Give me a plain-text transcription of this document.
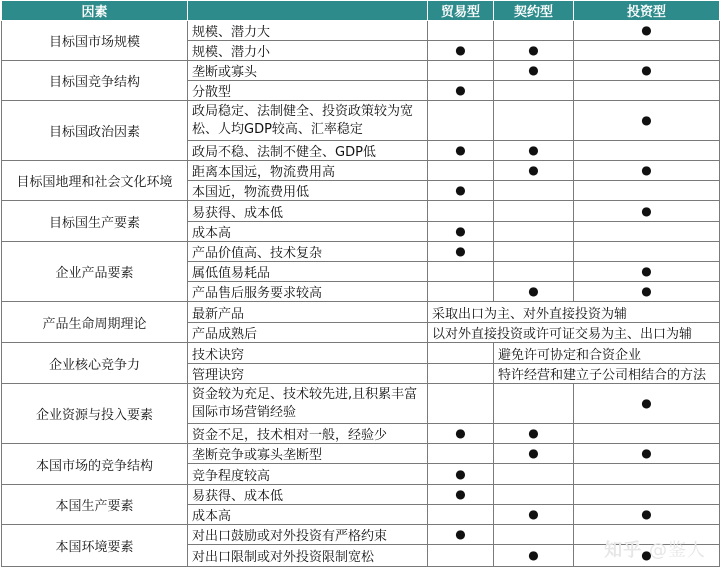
因素		贸易型	契约型	投资型
目标国市场规模	规模、潜力大			●
	规模、潜力小	●	●	
目标国竞争结构	垄断或寡头		●	●
	分散型	●		
目标国政治因素	政局稳定、法制健全、投资政策较为宽松、人均GDP较高、汇率稳定			●
	政局不稳、法制不健全、GDP低	●	●	
目标国地理和社会文化环境	距离本国远，物流费用高		●	●
	本国近，物流费用低	●		
目标国生产要素	易获得、成本低			●
	成本高	●		
企业产品要素	产品价值高、技术复杂	●		
	属低值易耗品			●
	产品售后服务要求较高		●	●
产品生命周期理论	最新产品	采取出口为主、对外直接投资为辅		
	产品成熟后	以对外直接投资或许可证交易为主、出口为辅		
企业核心竞争力	技术诀窍		避免许可协定和合资企业	
	管理诀窍		特许经营和建立子公司相结合的方法	
企业资源与投入要素	资金较为充足、技术较先进,且积累丰富国际市场营销经验			●
	资金不足，技术相对一般，经验少	●	●	
本国市场的竞争结构	垄断竞争或寡头垄断型		●	●
	竞争程度较高	●		
本国生产要素	易获得、成本低	●		
	成本高		●	●
本国环境要素	对出口鼓励或对外投资有严格约束	●		
	对出口限制或对外投资限制宽松		●	●
知乎 @鉴人
